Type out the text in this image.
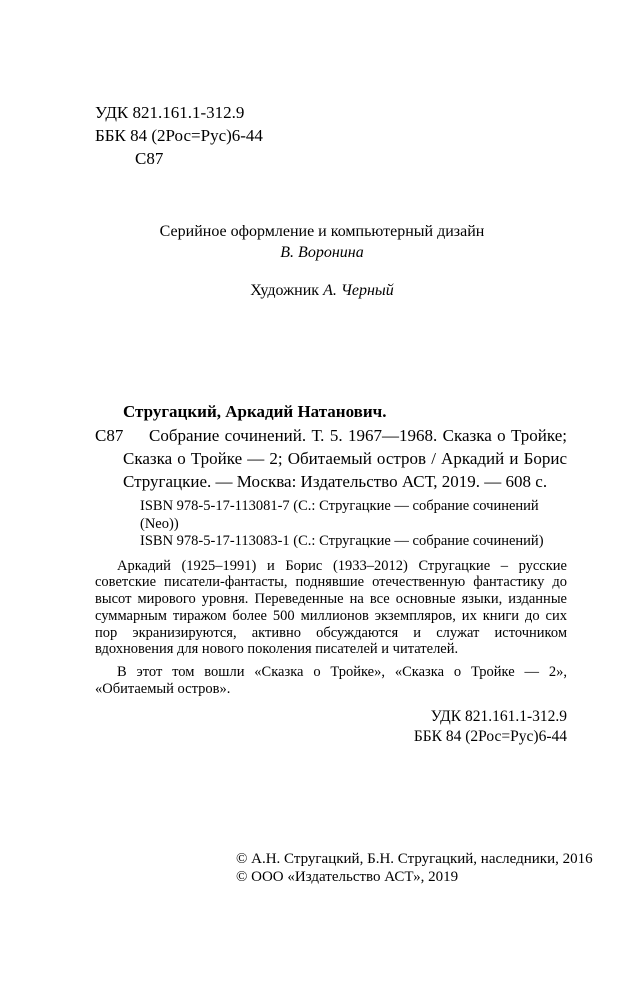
УДК 821.161.1-312.9
ББК 84 (2Рос=Рус)6-44
С87
Серийное оформление и компьютерный дизайн
В. Воронина
Художник А. Черный
Стругацкий, Аркадий Натанович.
С87	Собрание сочинений. Т. 5. 1967—1968. Сказка о Тройке; Сказка о Тройке — 2; Обитаемый остров / Аркадий и Борис Стругацкие. — Москва: Издательство АСТ, 2019. — 608 с.

ISBN 978-5-17-113081-7 (С.: Стругацкие — собрание сочинений (Neo))
ISBN 978-5-17-113083-1 (С.: Стругацкие — собрание сочинений)

Аркадий (1925–1991) и Борис (1933–2012) Стругацкие – русские советские писатели-фантасты, поднявшие отечественную фантастику до высот мирового уровня. Переведенные на все основные языки, изданные суммарным тиражом более 500 миллионов экземпляров, их книги до сих пор экранизируются, активно обсуждаются и служат источником вдохновения для нового поколения писателей и читателей.

В этот том вошли «Сказка о Тройке», «Сказка о Тройке — 2», «Обитаемый остров».

УДК 821.161.1-312.9
ББК 84 (2Рос=Рус)6-44
© А.Н. Стругацкий, Б.Н. Стругацкий, наследники, 2016
© ООО «Издательство АСТ», 2019
